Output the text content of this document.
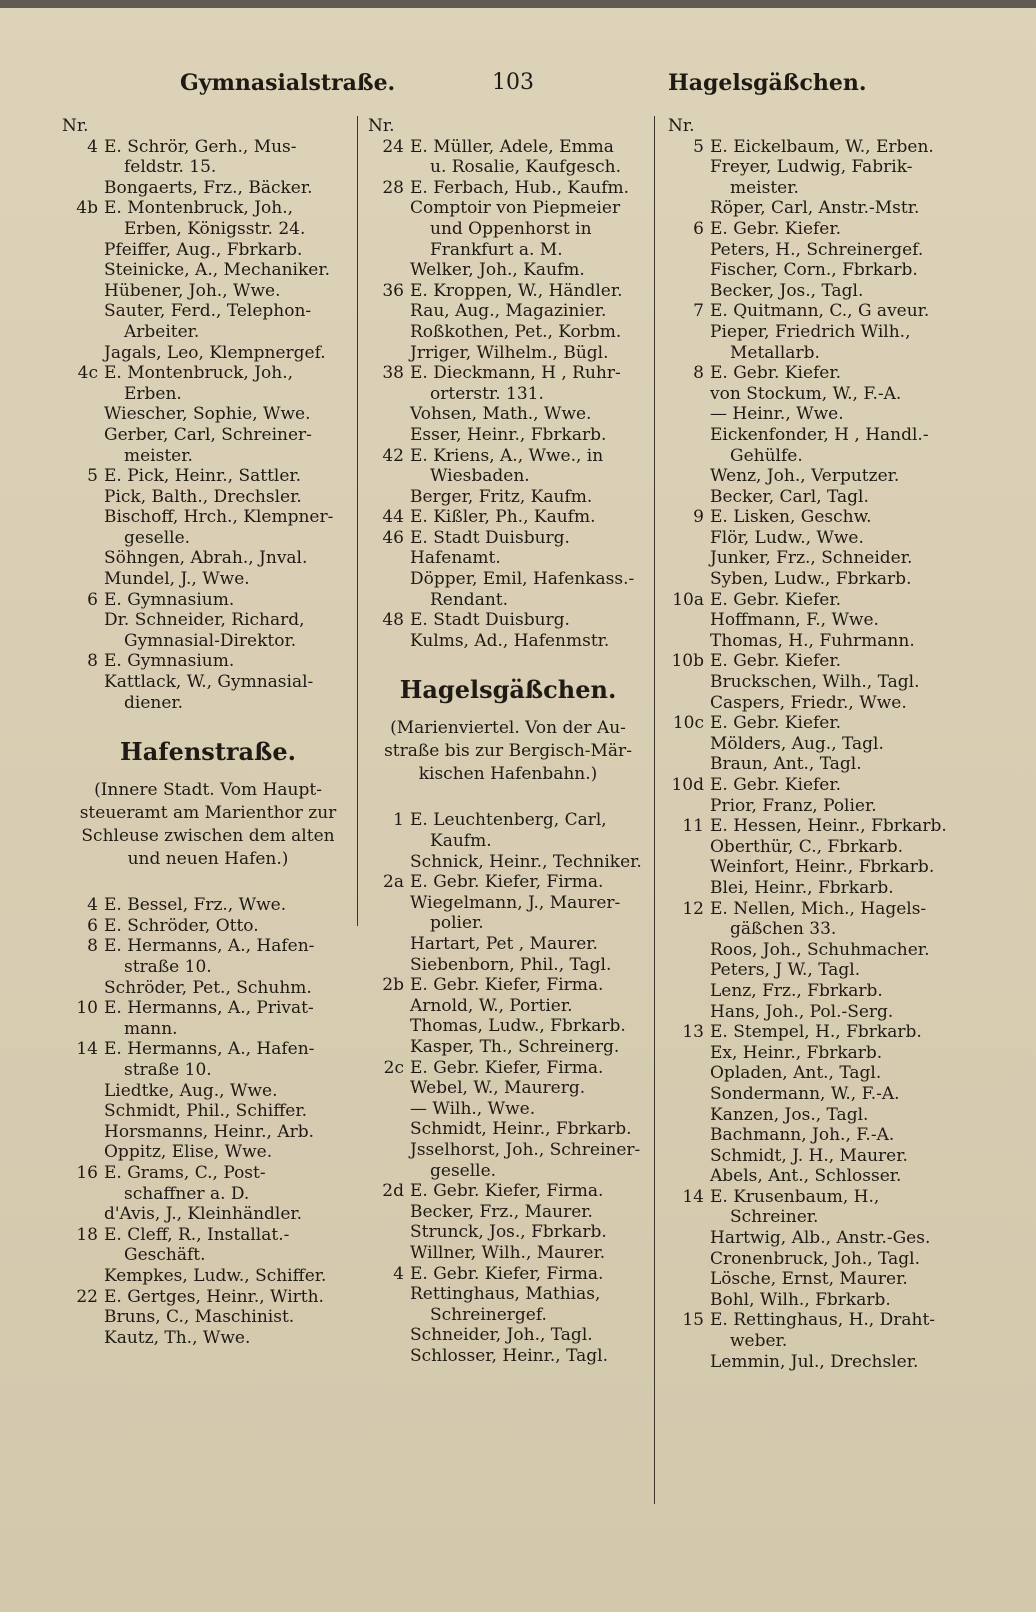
Gymnasialstraße.	103	Hagelsgäßchen.
Nr.
4 E. Schrör, Gerh., Mus-
feldstr. 15.
Bongaerts, Frz., Bäcker.
4b E. Montenbruck, Joh.,
Erben, Königsstr. 24.
Pfeiffer, Aug., Fbrkarb.
Steinicke, A., Mechaniker.
Hübener, Joh., Wwe.
Sauter, Ferd., Telephon-
Arbeiter.
Jagals, Leo, Klempnergef.
4c E. Montenbruck, Joh.,
Erben.
Wiescher, Sophie, Wwe.
Gerber, Carl, Schreiner-
meister.
5 E. Pick, Heinr., Sattler.
Pick, Balth., Drechsler.
Bischoff, Hrch., Klempner-
geselle.
Söhngen, Abrah., Jnval.
Mundel, J., Wwe.
6 E. Gymnasium.
Dr. Schneider, Richard,
Gymnasial-Direktor.
8 E. Gymnasium.
Kattlack, W., Gymnasial-
diener.
Hafenstraße.
(Innere Stadt. Vom Haupt-
steueramt am Marienthor zur
Schleuse zwischen dem alten
und neuen Hafen.)
4 E. Bessel, Frz., Wwe.
6 E. Schröder, Otto.
8 E. Hermanns, A., Hafen-
straße 10.
Schröder, Pet., Schuhm.
10 E. Hermanns, A., Privat-
mann.
14 E. Hermanns, A., Hafen-
straße 10.
Liedtke, Aug., Wwe.
Schmidt, Phil., Schiffer.
Horsmanns, Heinr., Arb.
Oppitz, Elise, Wwe.
16 E. Grams, C., Post-
schaffner a. D.
d'Avis, J., Kleinhändler.
18 E. Cleff, R., Installat.-
Geschäft.
Kempkes, Ludw., Schiffer.
22 E. Gertges, Heinr., Wirth.
Bruns, C., Maschinist.
Kautz, Th., Wwe.
Nr.
24 E. Müller, Adele, Emma
u. Rosalie, Kaufgesch.
28 E. Ferbach, Hub., Kaufm.
Comptoir von Piepmeier
und Oppenhorst in
Frankfurt a. M.
Welker, Joh., Kaufm.
36 E. Kroppen, W., Händler.
Rau, Aug., Magazinier.
Roßkothen, Pet., Korbm.
Jrriger, Wilhelm., Bügl.
38 E. Dieckmann, H , Ruhr-
orterstr. 131.
Vohsen, Math., Wwe.
Esser, Heinr., Fbrkarb.
42 E. Kriens, A., Wwe., in
Wiesbaden.
Berger, Fritz, Kaufm.
44 E. Kißler, Ph., Kaufm.
46 E. Stadt Duisburg.
Hafenamt.
Döpper, Emil, Hafenkass.-
Rendant.
48 E. Stadt Duisburg.
Kulms, Ad., Hafenmstr.
Hagelsgäßchen.
(Marienviertel. Von der Au-
straße bis zur Bergisch-Mär-
kischen Hafenbahn.)
1 E. Leuchtenberg, Carl,
Kaufm.
Schnick, Heinr., Techniker.
2a E. Gebr. Kiefer, Firma.
Wiegelmann, J., Maurer-
polier.
Hartart, Pet , Maurer.
Siebenborn, Phil., Tagl.
2b E. Gebr. Kiefer, Firma.
Arnold, W., Portier.
Thomas, Ludw., Fbrkarb.
Kasper, Th., Schreinerg.
2c E. Gebr. Kiefer, Firma.
Webel, W., Maurerg.
— Wilh., Wwe.
Schmidt, Heinr., Fbrkarb.
Jsselhorst, Joh., Schreiner-
geselle.
2d E. Gebr. Kiefer, Firma.
Becker, Frz., Maurer.
Strunck, Jos., Fbrkarb.
Willner, Wilh., Maurer.
4 E. Gebr. Kiefer, Firma.
Rettinghaus, Mathias,
Schreinergef.
Schneider, Joh., Tagl.
Schlosser, Heinr., Tagl.
Nr.
5 E. Eickelbaum, W., Erben.
Freyer, Ludwig, Fabrik-
meister.
Röper, Carl, Anstr.-Mstr.
6 E. Gebr. Kiefer.
Peters, H., Schreinergef.
Fischer, Corn., Fbrkarb.
Becker, Jos., Tagl.
7 E. Quitmann, C., G aveur.
Pieper, Friedrich Wilh.,
Metallarb.
8 E. Gebr. Kiefer.
von Stockum, W., F.-A.
— Heinr., Wwe.
Eickenfonder, H , Handl.-
Gehülfe.
Wenz, Joh., Verputzer.
Becker, Carl, Tagl.
9 E. Lisken, Geschw.
Flör, Ludw., Wwe.
Junker, Frz., Schneider.
Syben, Ludw., Fbrkarb.
10a E. Gebr. Kiefer.
Hoffmann, F., Wwe.
Thomas, H., Fuhrmann.
10b E. Gebr. Kiefer.
Bruckschen, Wilh., Tagl.
Caspers, Friedr., Wwe.
10c E. Gebr. Kiefer.
Mölders, Aug., Tagl.
Braun, Ant., Tagl.
10d E. Gebr. Kiefer.
Prior, Franz, Polier.
11 E. Hessen, Heinr., Fbrkarb.
Oberthür, C., Fbrkarb.
Weinfort, Heinr., Fbrkarb.
Blei, Heinr., Fbrkarb.
12 E. Nellen, Mich., Hagels-
gäßchen 33.
Roos, Joh., Schuhmacher.
Peters, J W., Tagl.
Lenz, Frz., Fbrkarb.
Hans, Joh., Pol.-Serg.
13 E. Stempel, H., Fbrkarb.
Ex, Heinr., Fbrkarb.
Opladen, Ant., Tagl.
Sondermann, W., F.-A.
Kanzen, Jos., Tagl.
Bachmann, Joh., F.-A.
Schmidt, J. H., Maurer.
Abels, Ant., Schlosser.
14 E. Krusenbaum, H.,
Schreiner.
Hartwig, Alb., Anstr.-Ges.
Cronenbruck, Joh., Tagl.
Lösche, Ernst, Maurer.
Bohl, Wilh., Fbrkarb.
15 E. Rettinghaus, H., Draht-
weber.
Lemmin, Jul., Drechsler.
